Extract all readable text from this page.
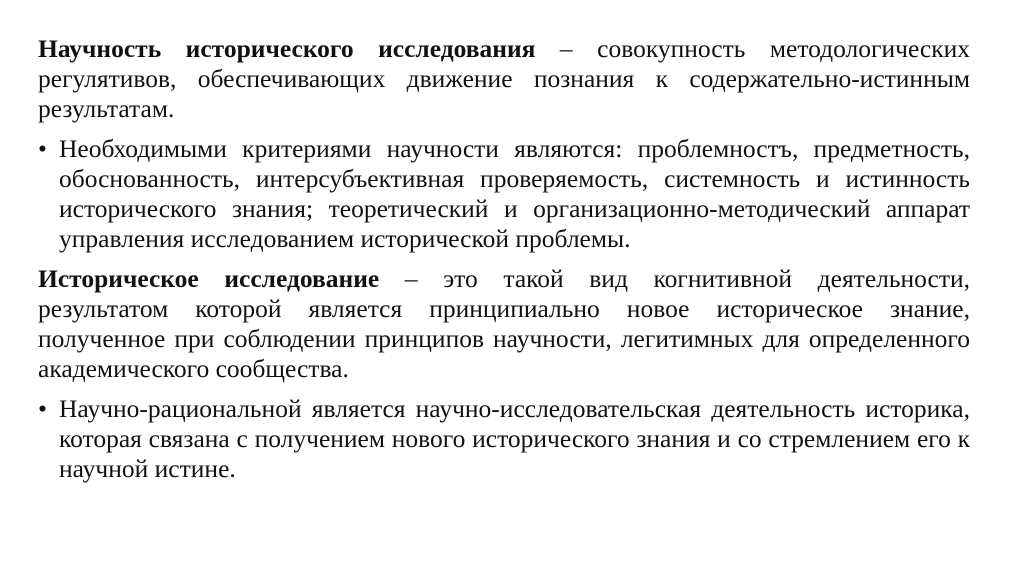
Научность исторического исследования – совокупность методологических регулятивов, обеспечивающих движение познания к содержательно-истинным результатам.

• Необходимыми критериями научности являются: проблемностъ, предметность, обоснованность, интерсубъективная проверяемость, системность и истинность исторического знания; теоретический и организационно-методический аппарат управления исследованием исторической проблемы.

Историческое исследование – это такой вид когнитивной деятельности, результатом которой является принципиально новое историческое знание, полученное при соблюдении принципов научности, легитимных для определенного академического сообщества.

• Научно-рациональной является научно-исследовательская деятельность историка, которая связана с получением нового исторического знания и со стремлением его к научной истине.
